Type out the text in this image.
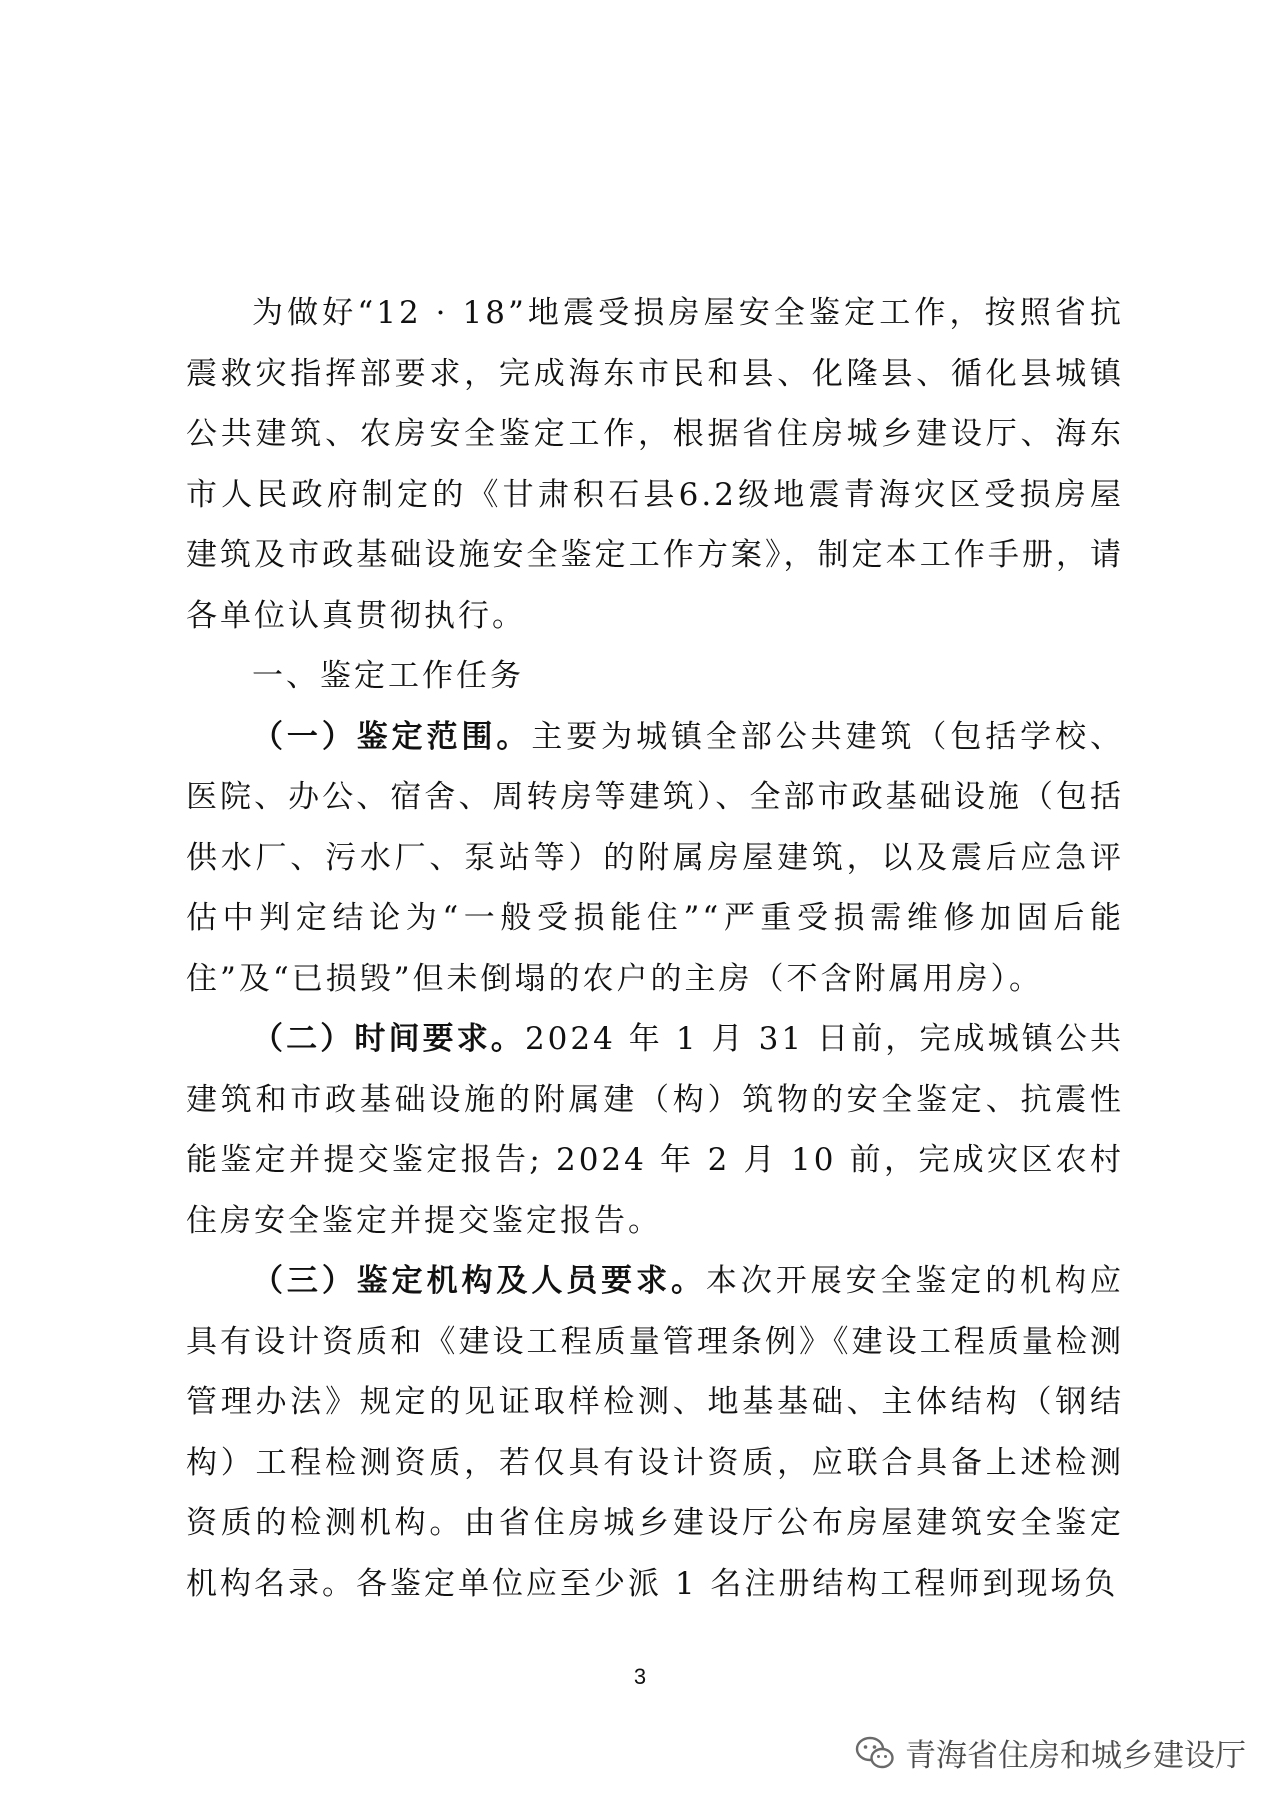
为做好“12 · 18”地震受损房屋安全鉴定工作，按照省抗震救灾指挥部要求，完成海东市民和县、化隆县、循化县城镇公共建筑、农房安全鉴定工作，根据省住房城乡建设厅、海东市人民政府制定的《甘肃积石县6.2级地震青海灾区受损房屋建筑及市政基础设施安全鉴定工作方案》，制定本工作手册，请各单位认真贯彻执行。

一、鉴定工作任务

（一）鉴定范围。主要为城镇全部公共建筑（包括学校、医院、办公、宿舍、周转房等建筑）、全部市政基础设施（包括供水厂、污水厂、泵站等）的附属房屋建筑，以及震后应急评估中判定结论为“一般受损能住”“严重受损需维修加固后能住”及“已损毁”但未倒塌的农户的主房（不含附属用房）。

（二）时间要求。2024 年 1 月 31 日前，完成城镇公共建筑和市政基础设施的附属建（构）筑物的安全鉴定、抗震性能鉴定并提交鉴定报告; 2024 年 2 月 10 前，完成灾区农村住房安全鉴定并提交鉴定报告。

（三）鉴定机构及人员要求。本次开展安全鉴定的机构应具有设计资质和《建设工程质量管理条例》《建设工程质量检测管理办法》规定的见证取样检测、地基基础、主体结构（钢结构）工程检测资质，若仅具有设计资质，应联合具备上述检测资质的检测机构。由省住房城乡建设厅公布房屋建筑安全鉴定机构名录。各鉴定单位应至少派 1 名注册结构工程师到现场负

3
青海省住房和城乡建设厅
